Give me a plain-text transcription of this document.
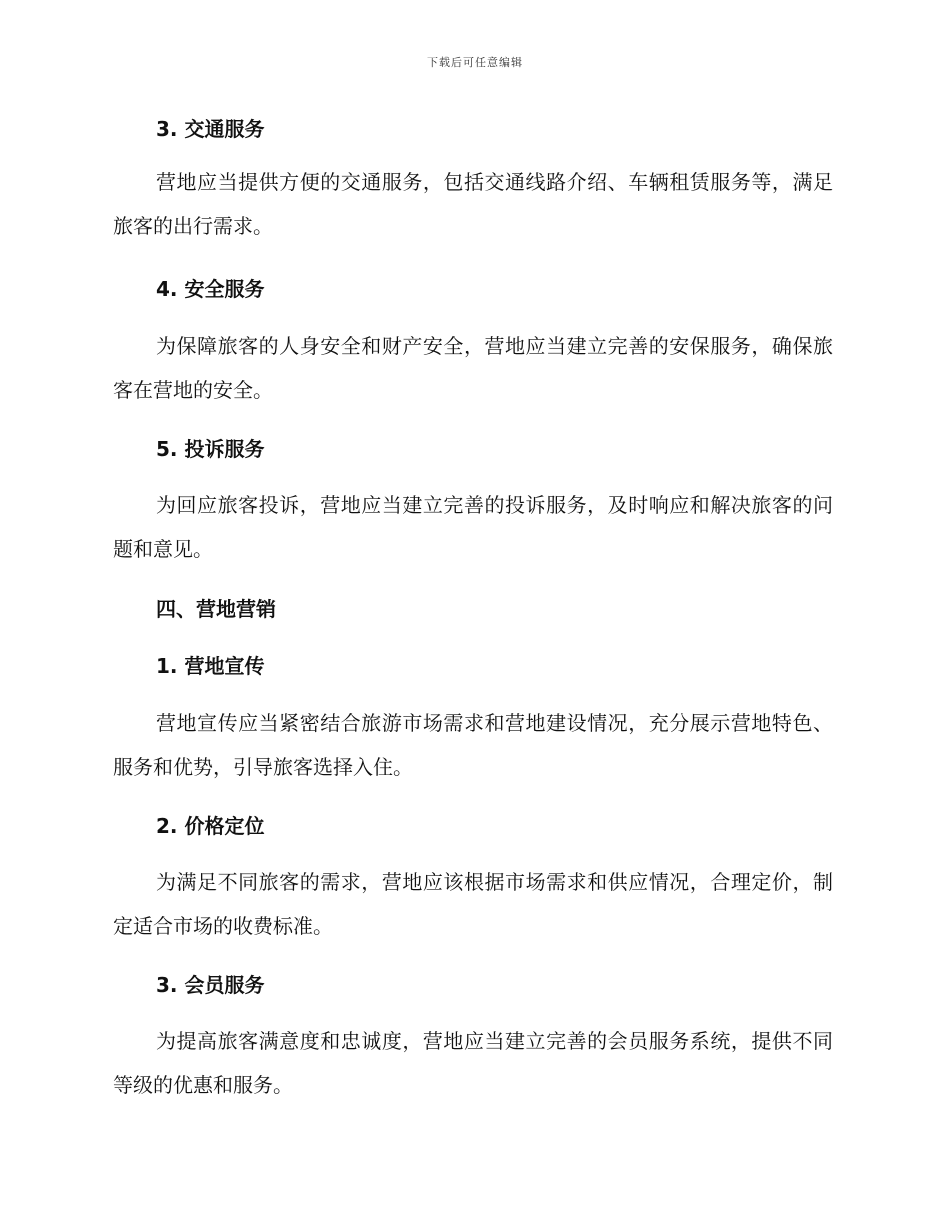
下载后可任意编辑
3. 交通服务
营地应当提供方便的交通服务，包括交通线路介绍、车辆租赁服务等，满足旅客的出行需求。
4. 安全服务
为保障旅客的人身安全和财产安全，营地应当建立完善的安保服务，确保旅客在营地的安全。
5. 投诉服务
为回应旅客投诉，营地应当建立完善的投诉服务，及时响应和解决旅客的问题和意见。
四、营地营销
1. 营地宣传
营地宣传应当紧密结合旅游市场需求和营地建设情况，充分展示营地特色、服务和优势，引导旅客选择入住。
2. 价格定位
为满足不同旅客的需求，营地应该根据市场需求和供应情况，合理定价，制定适合市场的收费标准。
3. 会员服务
为提高旅客满意度和忠诚度，营地应当建立完善的会员服务系统，提供不同等级的优惠和服务。
